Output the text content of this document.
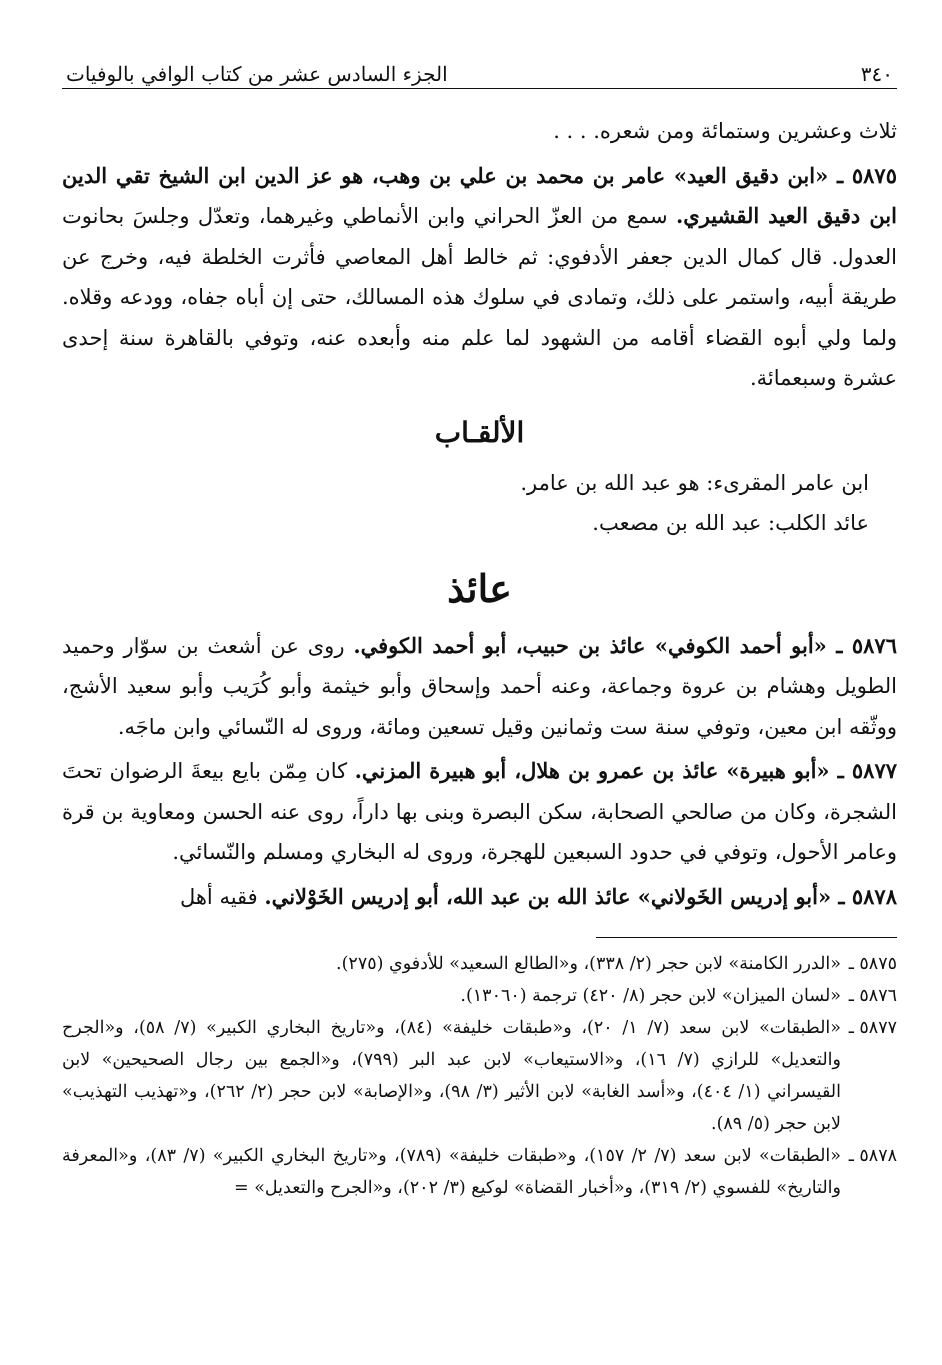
٣٤٠
الجزء السادس عشر من كتاب الوافي بالوفيات

ثلاث وعشرين وستمائة ومن شعره. . . .

٥٨٧٥ ـ «ابن دقيق العيد» عامر بن محمد بن علي بن وهب، هو عز الدين ابن الشيخ تقي الدين ابن دقيق العيد القشيري. سمع من العزّ الحراني وابن الأنماطي وغيرهما، وتعدّل وجلسَ بحانوت العدول. قال كمال الدين جعفر الأدفوي: ثم خالط أهل المعاصي فأثرت الخلطة فيه، وخرج عن طريقة أبيه، واستمر على ذلك، وتمادى في سلوك هذه المسالك، حتى إن أباه جفاه، وودعه وقلاه. ولما ولي أبوه القضاء أقامه من الشهود لما علم منه وأبعده عنه، وتوفي بالقاهرة سنة إحدى عشرة وسبعمائة.

الألقـاب

ابن عامر المقرىء: هو عبد الله بن عامر.

عائد الكلب: عبد الله بن مصعب.

عائذ

٥٨٧٦ ـ «أبو أحمد الكوفي» عائذ بن حبيب، أبو أحمد الكوفي. روى عن أشعث بن سوّار وحميد الطويل وهشام بن عروة وجماعة، وعنه أحمد وإسحاق وأبو خيثمة وأبو كُرَيب وأبو سعيد الأشج، ووثّقه ابن معين، وتوفي سنة ست وثمانين وقيل تسعين ومائة، وروى له النّسائي وابن ماجَه.

٥٨٧٧ ـ «أبو هبيرة» عائذ بن عمرو بن هلال، أبو هبيرة المزني. كان مِمّن بايع بيعةَ الرضوان تحتَ الشجرة، وكان من صالحي الصحابة، سكن البصرة وبنى بها داراً، روى عنه الحسن ومعاوية بن قرة وعامر الأحول، وتوفي في حدود السبعين للهجرة، وروى له البخاري ومسلم والنّسائي.

٥٨٧٨ ـ «أبو إدريس الخَولاني» عائذ الله بن عبد الله، أبو إدريس الخَوْلاني. فقيه أهل

٥٨٧٥ ـ
«الدرر الكامنة» لابن حجر (٢/ ٣٣٨)، و«الطالع السعيد» للأدفوي (٢٧٥).
٥٨٧٦ ـ
«لسان الميزان» لابن حجر (٨/ ٤٢٠) ترجمة (١٣٠٦٠).
٥٨٧٧ ـ
«الطبقات» لابن سعد (٧/ ١/ ٢٠)، و«طبقات خليفة» (٨٤)، و«تاريخ البخاري الكبير» (٧/ ٥٨)، و«الجرح والتعديل» للرازي (٧/ ١٦)، و«الاستيعاب» لابن عبد البر (٧٩٩)، و«الجمع بين رجال الصحيحين» لابن القيسراني (١/ ٤٠٤)، و«أسد الغابة» لابن الأثير (٣/ ٩٨)، و«الإصابة» لابن حجر (٢/ ٢٦٢)، و«تهذيب التهذيب» لابن حجر (٥/ ٨٩).
٥٨٧٨ ـ
«الطبقات» لابن سعد (٧/ ٢/ ١٥٧)، و«طبقات خليفة» (٧٨٩)، و«تاريخ البخاري الكبير» (٧/ ٨٣)، و«المعرفة والتاريخ» للفسوي (٢/ ٣١٩)، و«أخبار القضاة» لوكيع (٣/ ٢٠٢)، و«الجرح والتعديل» =
